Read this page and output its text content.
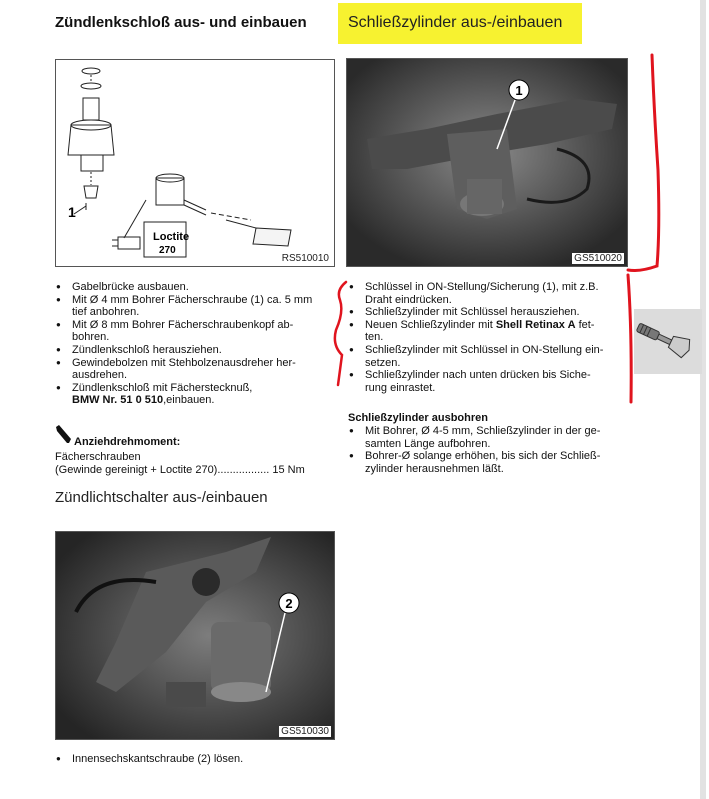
Zündlenkschloß aus- und einbauen	Schließzylinder aus-/einbauen
1
Loctite
270
RS510010
1
GS510020
● Gabelbrücke ausbauen.
● Mit Ø 4 mm Bohrer Fächerschraube (1) ca. 5 mm
tief anbohren.
● Mit Ø 8 mm Bohrer Fächerschraubenkopf ab-
bohren.
● Zündlenkschloß herausziehen.
● Gewindebolzen mit Stehbolzenausdreher her-
ausdrehen.
● Zündlenkschloß mit Fächerstecknuß,
BMW Nr. 51 0 510,einbauen.
Anziehdrehmoment:
Fächerschrauben
(Gewinde gereinigt + Loctite 270)................. 15 Nm
Zündlichtschalter aus-/einbauen
2
GS510030
● Innensechskantschraube (2) lösen.
● Schlüssel in ON-Stellung/Sicherung (1), mit z.B.
Draht eindrücken.
● Schließzylinder mit Schlüssel herausziehen.
● Neuen Schließzylinder mit Shell Retinax A fet-
ten.
● Schließzylinder mit Schlüssel in ON-Stellung ein-
setzen.
● Schließzylinder nach unten drücken bis Siche-
rung einrastet.
Schließzylinder ausbohren
● Mit Bohrer, Ø 4-5 mm, Schließzylinder in der ge-
samten Länge aufbohren.
● Bohrer-Ø solange erhöhen, bis sich der Schließ-
zylinder herausnehmen läßt.
